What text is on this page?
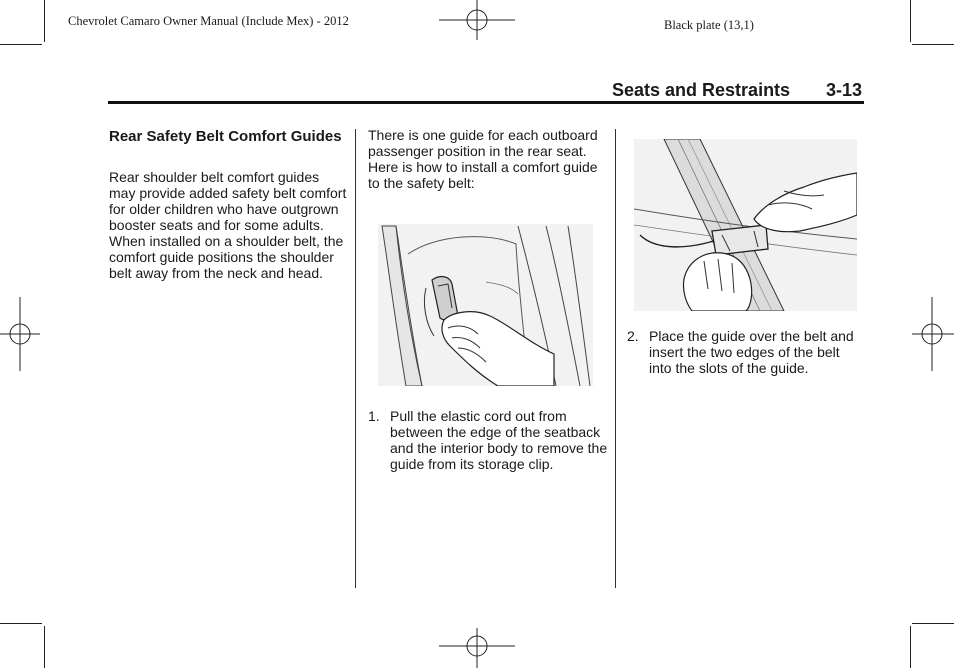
Chevrolet Camaro Owner Manual (Include Mex) - 2012	Black plate (13,1)
Seats and Restraints 3-13
Rear Safety Belt Comfort Guides
Rear shoulder belt comfort guides may provide added safety belt comfort for older children who have outgrown booster seats and for some adults. When installed on a shoulder belt, the comfort guide positions the shoulder belt away from the neck and head.
There is one guide for each outboard passenger position in the rear seat. Here is how to install a comfort guide to the safety belt:
1. Pull the elastic cord out from between the edge of the seatback and the interior body to remove the guide from its storage clip.
2. Place the guide over the belt and insert the two edges of the belt into the slots of the guide.
